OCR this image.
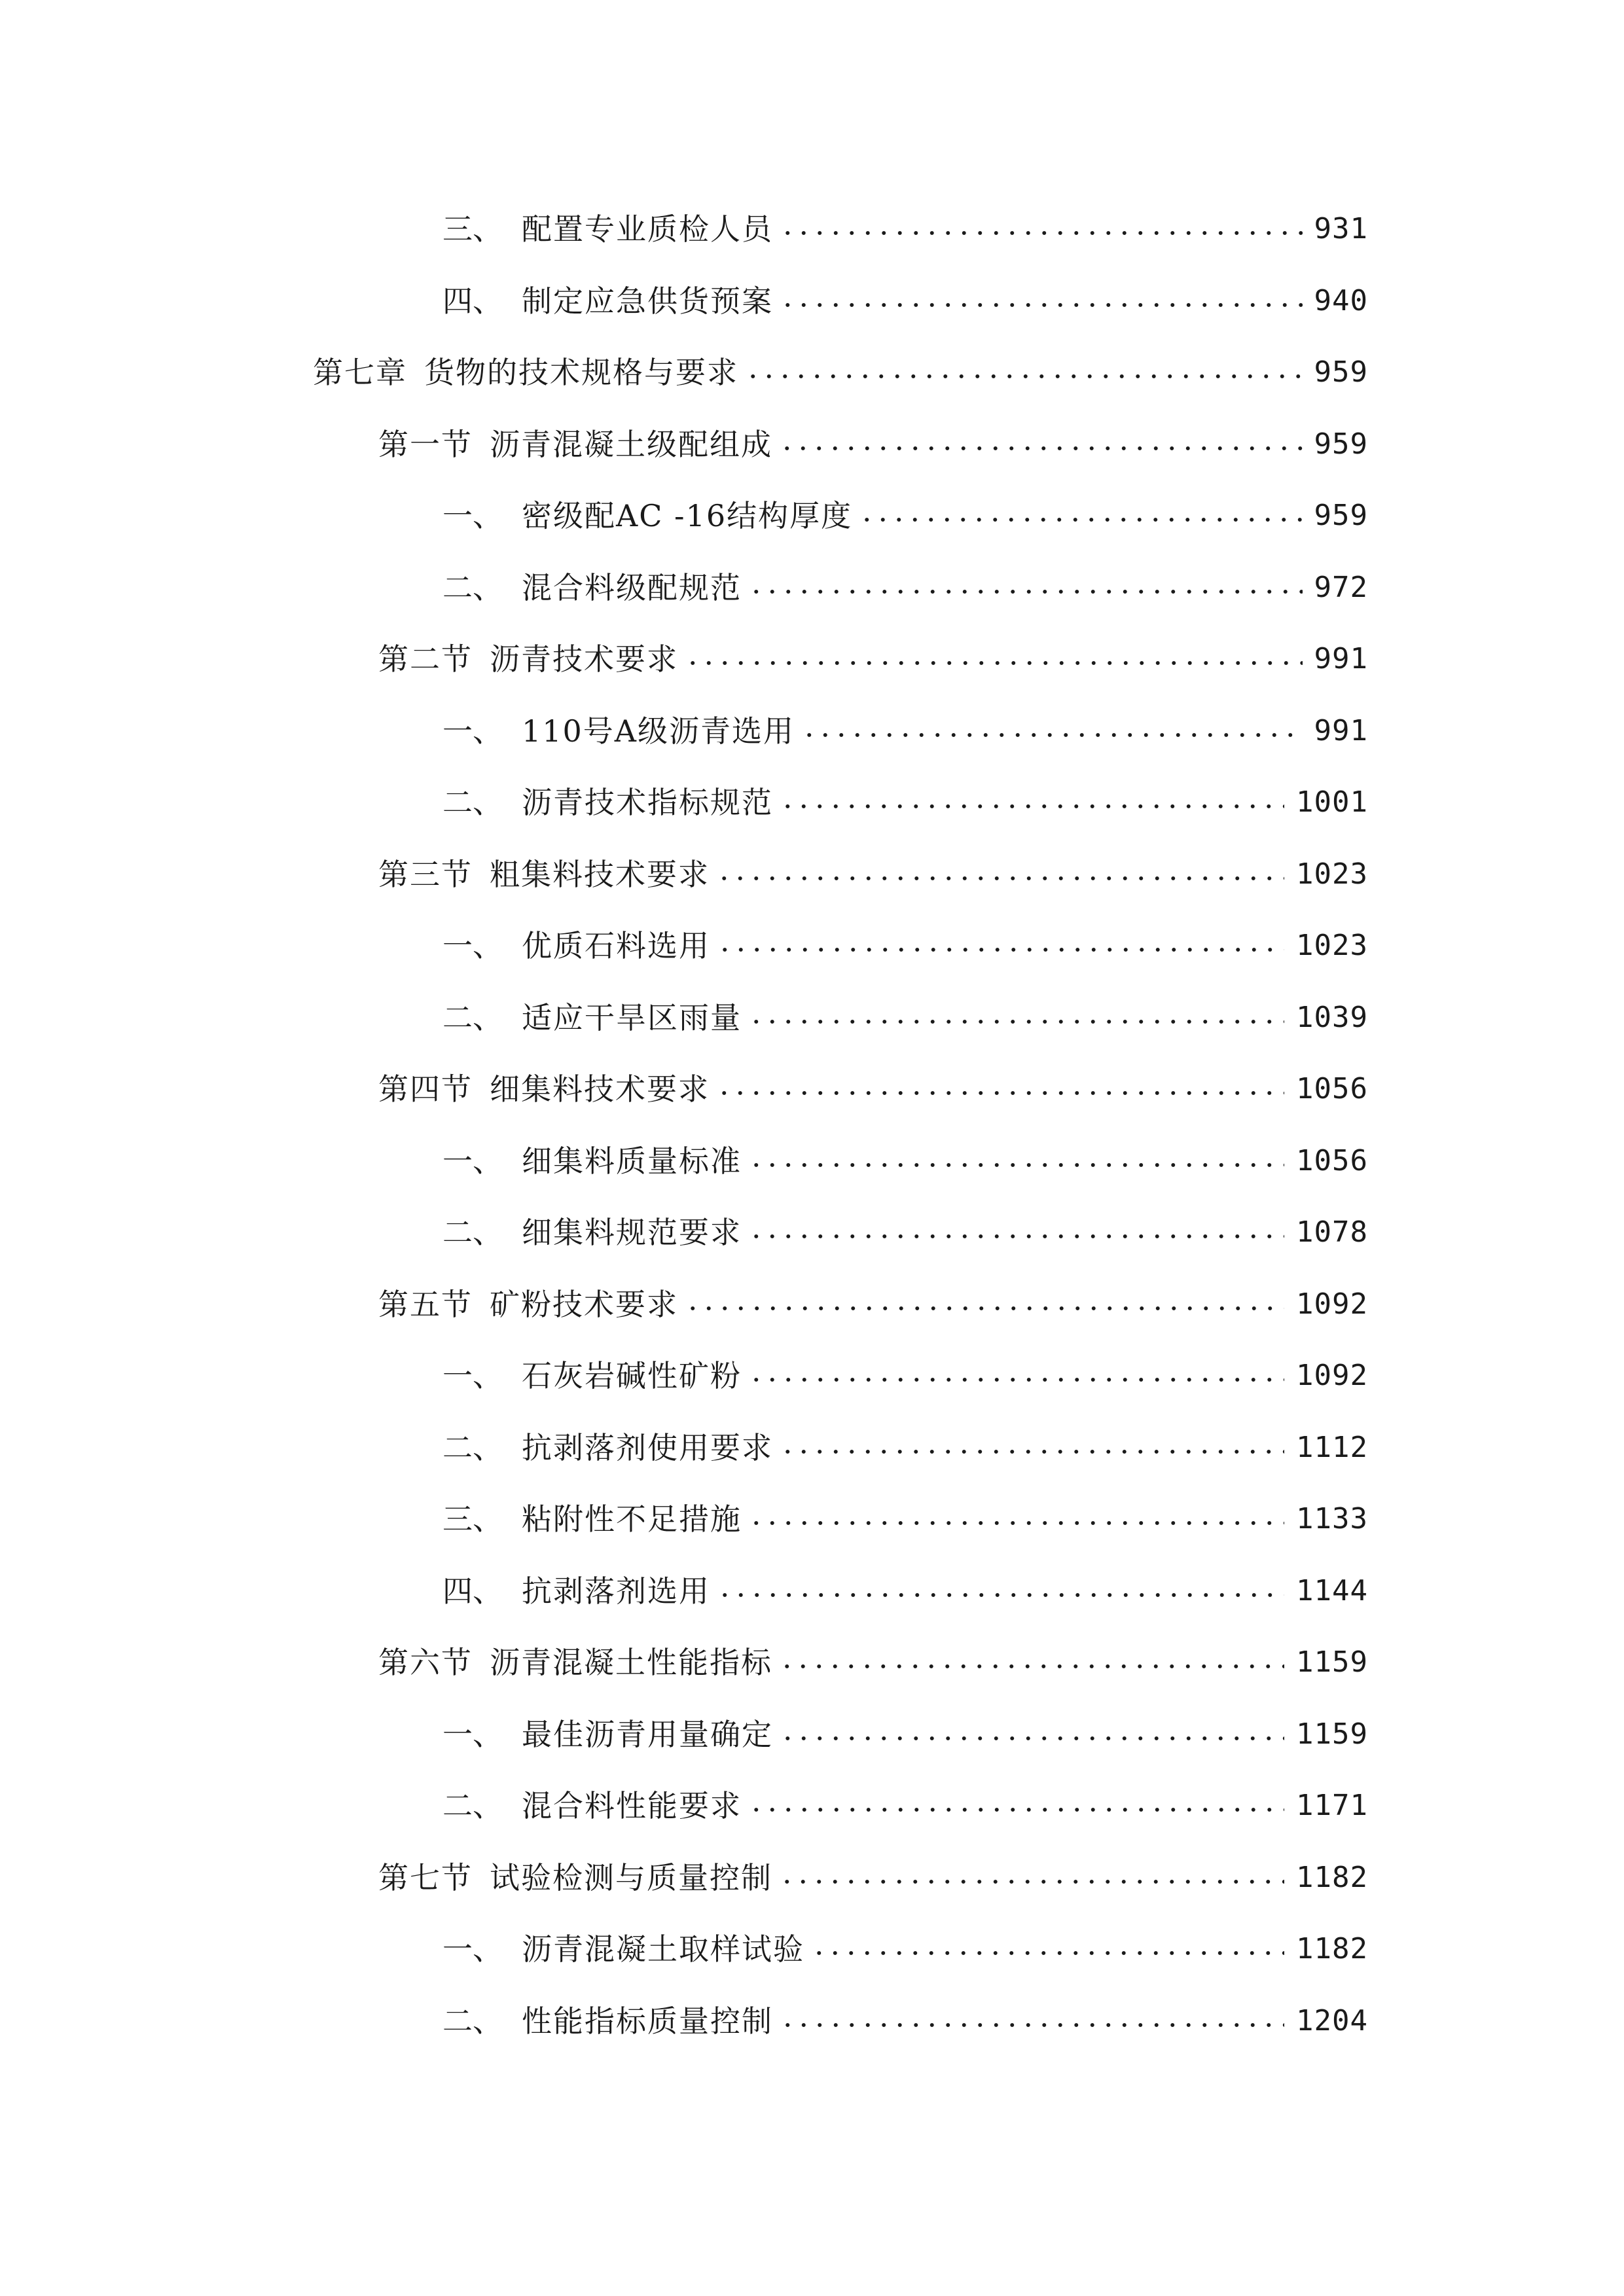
三、 配置专业质检人员	931
四、 制定应急供货预案	940
第七章 货物的技术规格与要求	959
第一节 沥青混凝土级配组成	959
一、 密级配AC -16结构厚度	959
二、 混合料级配规范	972
第二节 沥青技术要求	991
一、 110号A级沥青选用	991
二、 沥青技术指标规范	1001
第三节 粗集料技术要求	1023
一、 优质石料选用	1023
二、 适应干旱区雨量	1039
第四节 细集料技术要求	1056
一、 细集料质量标准	1056
二、 细集料规范要求	1078
第五节 矿粉技术要求	1092
一、 石灰岩碱性矿粉	1092
二、 抗剥落剂使用要求	1112
三、 粘附性不足措施	1133
四、 抗剥落剂选用	1144
第六节 沥青混凝土性能指标	1159
一、 最佳沥青用量确定	1159
二、 混合料性能要求	1171
第七节 试验检测与质量控制	1182
一、 沥青混凝土取样试验	1182
二、 性能指标质量控制	1204
